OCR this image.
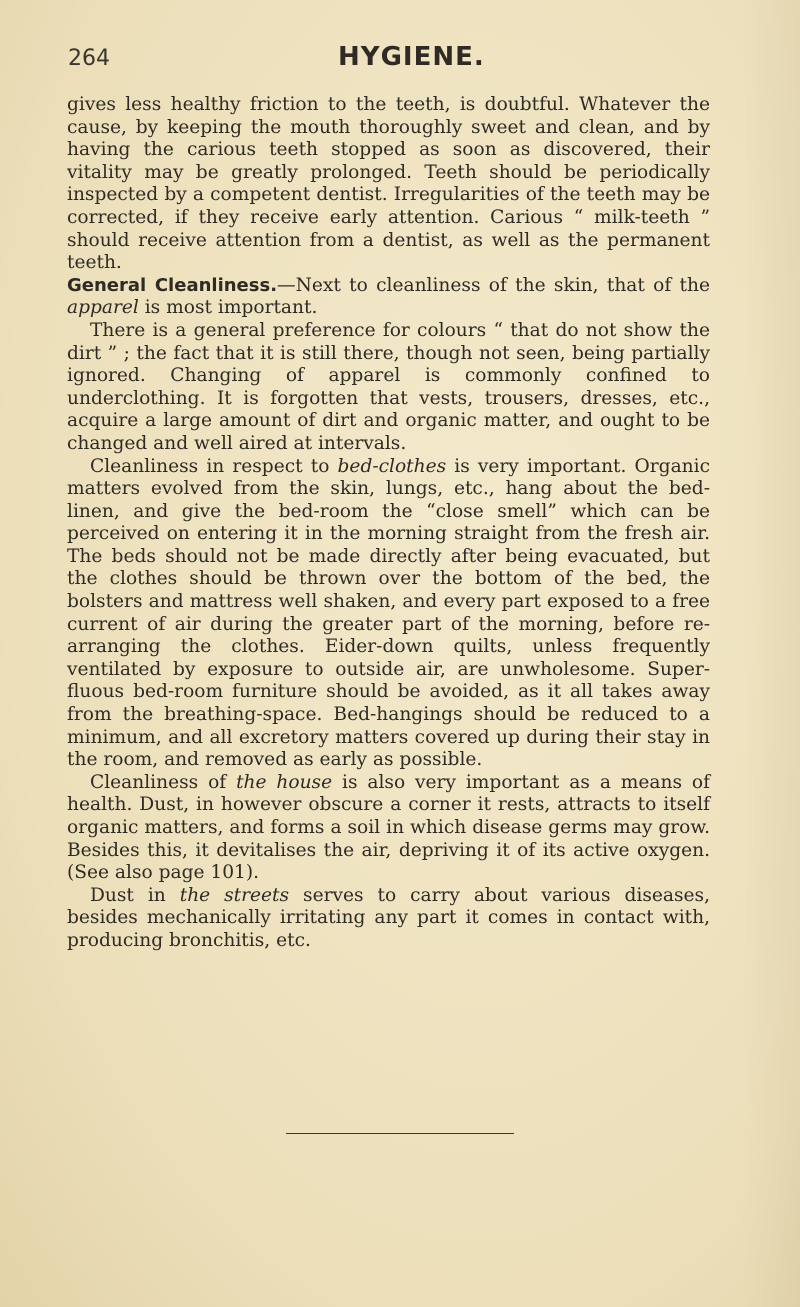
264	HYGIENE.

gives less healthy friction to the teeth, is doubtful. Whatever the cause, by keeping the mouth thoroughly sweet and clean, and by having the carious teeth stopped as soon as discovered, their vitality may be greatly prolonged. Teeth should be periodically inspected by a competent dentist. Irregularities of the teeth may be corrected, if they receive early attention. Carious “ milk-teeth ” should receive attention from a dentist, as well as the permanent teeth.

General Cleanliness.—Next to cleanliness of the skin, that of the apparel is most important.

There is a general preference for colours “ that do not show the dirt ” ; the fact that it is still there, though not seen, being partially ignored. Changing of apparel is commonly confined to underclothing. It is forgotten that vests, trousers, dresses, etc., acquire a large amount of dirt and organic matter, and ought to be changed and well aired at intervals.

Cleanliness in respect to bed-clothes is very important. Organic matters evolved from the skin, lungs, etc., hang about the bed-linen, and give the bed-room the “close smell” which can be perceived on entering it in the morning straight from the fresh air. The beds should not be made directly after being evacuated, but the clothes should be thrown over the bottom of the bed, the bolsters and mattress well shaken, and every part exposed to a free current of air during the greater part of the morning, before re-arranging the clothes. Eider-down quilts, unless frequently ventilated by exposure to outside air, are unwholesome. Super-fluous bed-room furniture should be avoided, as it all takes away from the breathing-space. Bed-hangings should be reduced to a minimum, and all excretory matters covered up during their stay in the room, and removed as early as possible.

Cleanliness of the house is also very important as a means of health. Dust, in however obscure a corner it rests, attracts to itself organic matters, and forms a soil in which disease germs may grow. Besides this, it devitalises the air, depriving it of its active oxygen. (See also page 101).

Dust in the streets serves to carry about various diseases, besides mechanically irritating any part it comes in contact with, producing bronchitis, etc.
